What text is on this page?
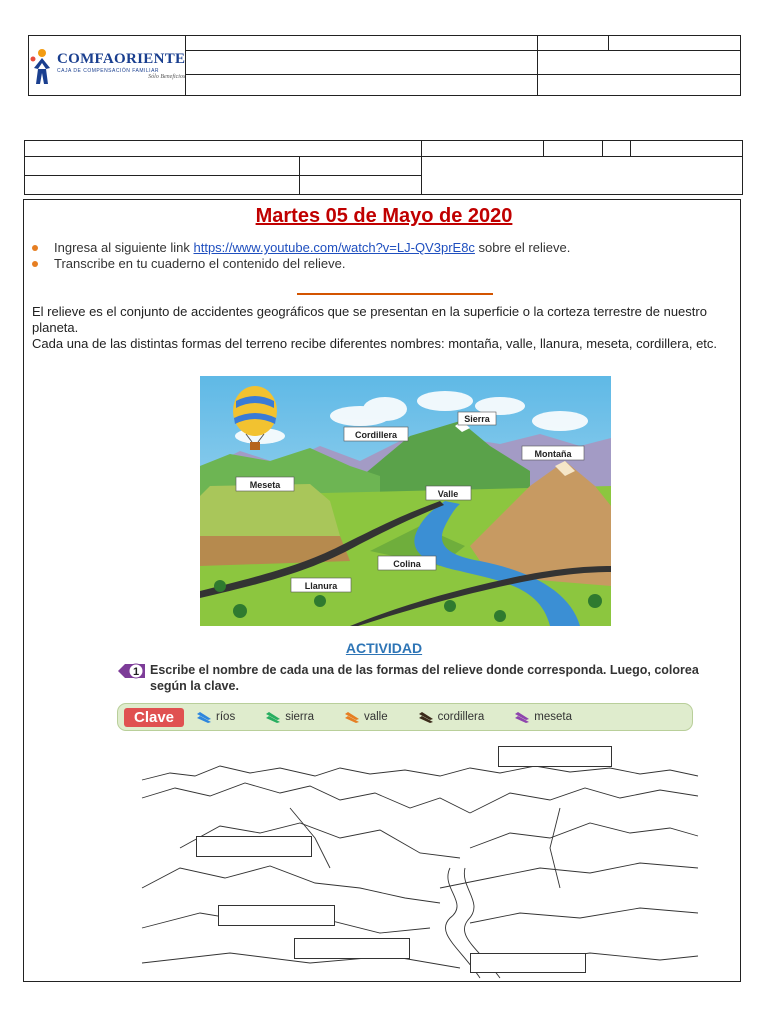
COMFAORIENTE
CAJA DE COMPENSACIÓN FAMILIAR
Sólo Beneficios			

Martes 05 de Mayo de 2020
Ingresa al siguiente link https://www.youtube.com/watch?v=LJ-QV3prE8c sobre el relieve.
Transcribe en tu cuaderno el contenido del relieve.
El relieve es el conjunto de accidentes geográficos que se presentan en la superficie o la corteza terrestre de nuestro planeta.
Cada una de las distintas formas del terreno recibe diferentes nombres: montaña, valle, llanura, meseta, cordillera, etc.
Sierra
Cordillera
Montaña
Meseta
Valle
Colina
Llanura
ACTIVIDAD
1 Escribe el nombre de cada una de las formas del relieve donde corresponda. Luego, colorea según la clave.
Clave	ríos	sierra	valle	cordillera	meseta
